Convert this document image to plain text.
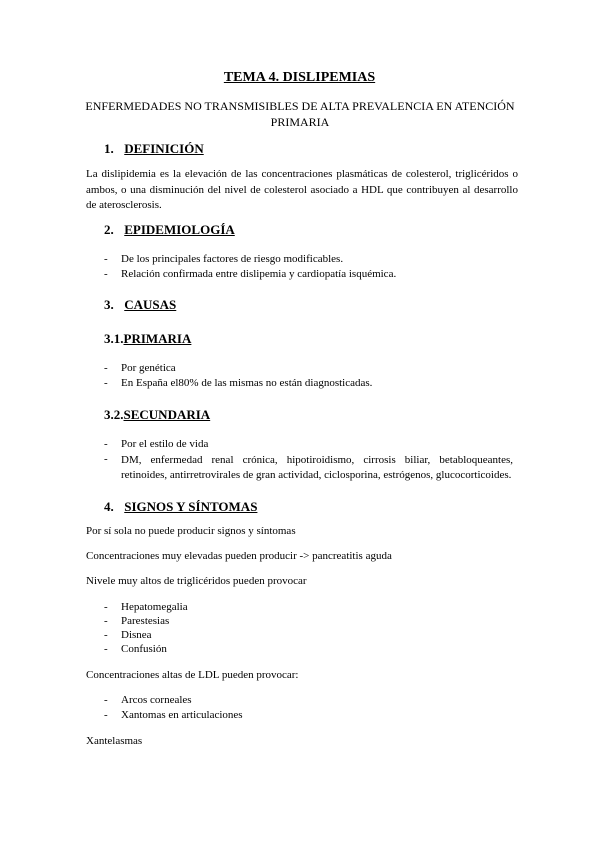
TEMA 4. DISLIPEMIAS
ENFERMEDADES NO TRANSMISIBLES DE ALTA PREVALENCIA EN ATENCIÓN PRIMARIA
1. DEFINICIÓN
La dislipidemia es la elevación de las concentraciones plasmáticas de colesterol, triglicéridos o ambos, o una disminución del nivel de colesterol asociado a HDL que contribuyen al desarrollo de aterosclerosis.
2. EPIDEMIOLOGÍA
- De los principales factores de riesgo modificables.
- Relación confirmada entre dislipemia y cardiopatía isquémica.
3. CAUSAS
3.1.PRIMARIA
- Por genética
- En España el80% de las mismas no están diagnosticadas.
3.2.SECUNDARIA
- Por el estilo de vida
- DM, enfermedad renal crónica, hipotiroidismo, cirrosis biliar, betabloqueantes, retinoides, antirretrovirales de gran actividad, ciclosporina, estrógenos, glucocorticoides.
4. SIGNOS Y SÍNTOMAS
Por sí sola no puede producir signos y síntomas
Concentraciones muy elevadas pueden producir -> pancreatitis aguda
Nivele muy altos de triglicéridos pueden provocar
- Hepatomegalia
- Parestesias
- Disnea
- Confusión
Concentraciones altas de LDL pueden provocar:
- Arcos corneales
- Xantomas en articulaciones
Xantelasmas
